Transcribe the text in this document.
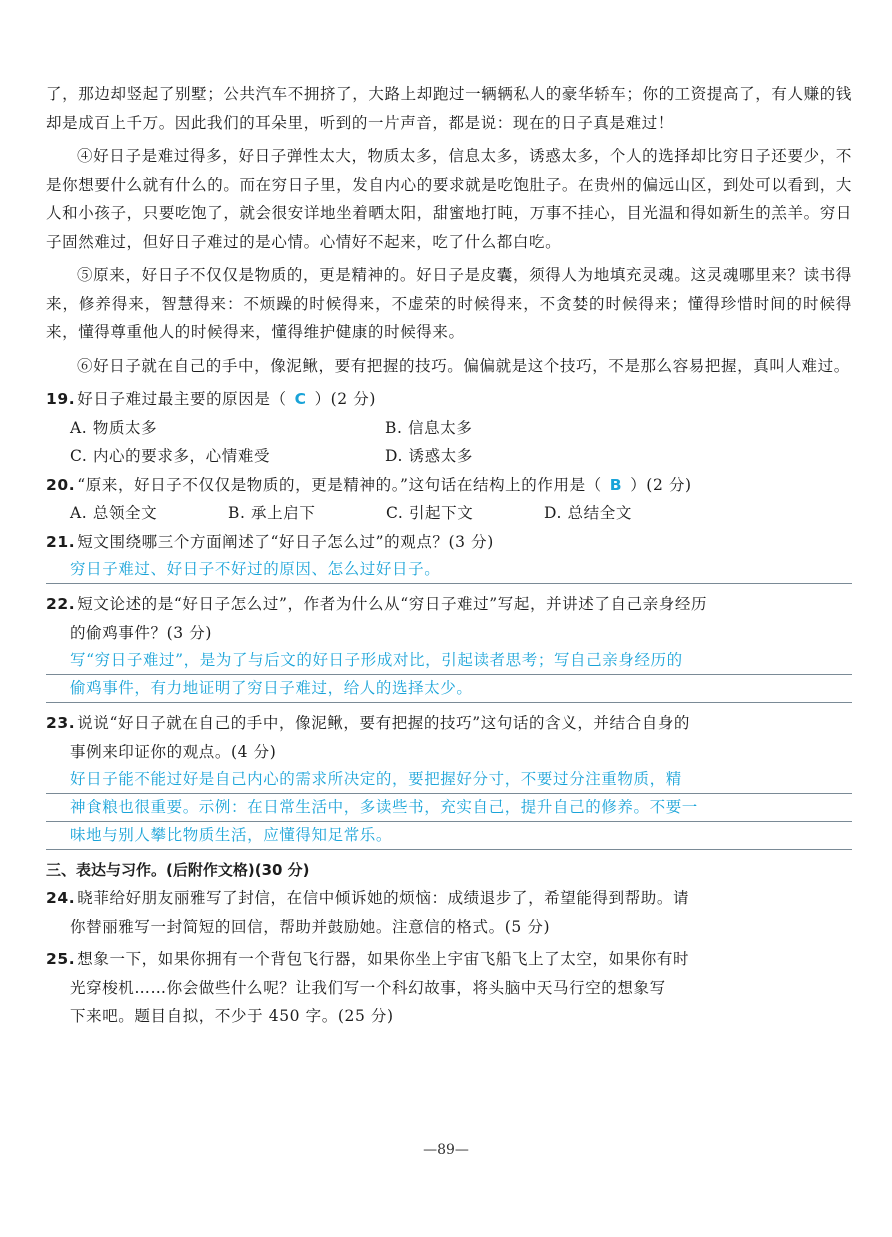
了，那边却竖起了别墅；公共汽车不拥挤了，大路上却跑过一辆辆私人的豪华轿车；你的工资提高了，有人赚的钱却是成百上千万。因此我们的耳朵里，听到的一片声音，都是说：现在的日子真是难过！

④好日子是难过得多，好日子弹性太大，物质太多，信息太多，诱惑太多，个人的选择却比穷日子还要少，不是你想要什么就有什么的。而在穷日子里，发自内心的要求就是吃饱肚子。在贵州的偏远山区，到处可以看到，大人和小孩子，只要吃饱了，就会很安详地坐着晒太阳，甜蜜地打盹，万事不挂心，目光温和得如新生的羔羊。穷日子固然难过，但好日子难过的是心情。心情好不起来，吃了什么都白吃。

⑤原来，好日子不仅仅是物质的，更是精神的。好日子是皮囊，须得人为地填充灵魂。这灵魂哪里来？读书得来，修养得来，智慧得来：不烦躁的时候得来，不虚荣的时候得来，不贪婪的时候得来；懂得珍惜时间的时候得来，懂得尊重他人的时候得来，懂得维护健康的时候得来。

⑥好日子就在自己的手中，像泥鳅，要有把握的技巧。偏偏就是这个技巧，不是那么容易把握，真叫人难过。

19. 好日子难过最主要的原因是（ C ）(2 分)
A. 物质太多	B. 信息太多
C. 内心的要求多，心情难受	D. 诱惑太多
20. “原来，好日子不仅仅是物质的，更是精神的。”这句话在结构上的作用是（ B ）(2 分)
A. 总领全文	B. 承上启下	C. 引起下文	D. 总结全文
21. 短文围绕哪三个方面阐述了“好日子怎么过”的观点？(3 分)
穷日子难过、好日子不好过的原因、怎么过好日子。
22. 短文论述的是“好日子怎么过”，作者为什么从“穷日子难过”写起，并讲述了自己亲身经历
的偷鸡事件？(3 分)
写“穷日子难过”，是为了与后文的好日子形成对比，引起读者思考；写自己亲身经历的
偷鸡事件，有力地证明了穷日子难过，给人的选择太少。
23. 说说“好日子就在自己的手中，像泥鳅，要有把握的技巧”这句话的含义，并结合自身的
事例来印证你的观点。(4 分)
好日子能不能过好是自己内心的需求所决定的，要把握好分寸，不要过分注重物质，精
神食粮也很重要。示例：在日常生活中，多读些书，充实自己，提升自己的修养。不要一
味地与别人攀比物质生活，应懂得知足常乐。
三、表达与习作。(后附作文格)(30 分)
24. 晓菲给好朋友丽雅写了封信，在信中倾诉她的烦恼：成绩退步了，希望能得到帮助。请
你替丽雅写一封简短的回信，帮助并鼓励她。注意信的格式。(5 分)
25. 想象一下，如果你拥有一个背包飞行器，如果你坐上宇宙飞船飞上了太空，如果你有时
光穿梭机……你会做些什么呢？让我们写一个科幻故事，将头脑中天马行空的想象写
下来吧。题目自拟，不少于 450 字。(25 分)
—89—
